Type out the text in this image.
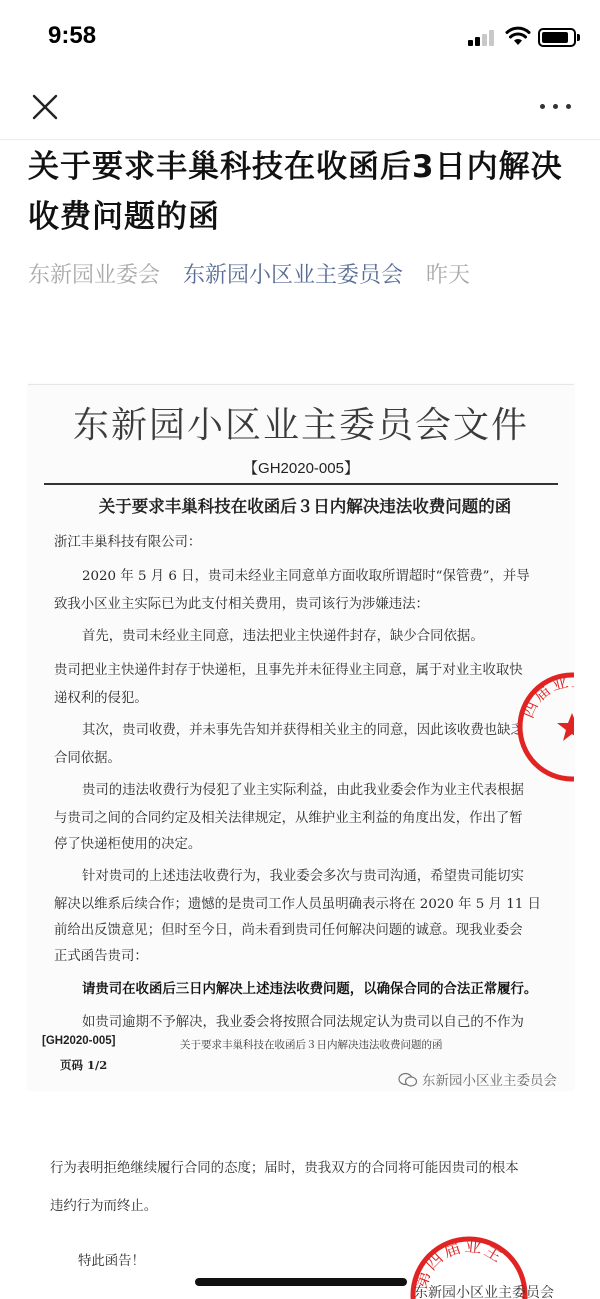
9:58
关于要求丰巢科技在收函后3日内解决收费问题的函
东新园业委会 东新园小区业主委员会 昨天
东新园小区业主委员会文件
【GH2020-005】
关于要求丰巢科技在收函后３日内解决违法收费问题的函

浙江丰巢科技有限公司：

2020 年 5 月 6 日，贵司未经业主同意单方面收取所谓超时“保管费”，并导

致我小区业主实际已为此支付相关费用，贵司该行为涉嫌违法：

首先，贵司未经业主同意，违法把业主快递件封存，缺少合同依据。

贵司把业主快递件封存于快递柜，且事先并未征得业主同意，属于对业主收取快

递权利的侵犯。

其次，贵司收费，并未事先告知并获得相关业主的同意，因此该收费也缺乏

合同依据。

贵司的违法收费行为侵犯了业主实际利益，由此我业委会作为业主代表根据

与贵司之间的合同约定及相关法律规定，从维护业主利益的角度出发，作出了暂

停了快递柜使用的决定。

针对贵司的上述违法收费行为，我业委会多次与贵司沟通，希望贵司能切实

解决以维系后续合作；遗憾的是贵司工作人员虽明确表示将在 2020 年 5 月 11 日

前给出反馈意见；但时至今日，尚未看到贵司任何解决问题的诚意。现我业委会

正式函告贵司：

请贵司在收函后三日内解决上述违法收费问题，以确保合同的合法正常履行。

如贵司逾期不予解决，我业委会将按照合同法规定认为贵司以自己的不作为

[GH2020-005]	关于要求丰巢科技在收函后３日内解决违法收费问题的函
页码 1/2
东新园小区业主委员会
四届业主

行为表明拒绝继续履行合同的态度；届时，贵我双方的合同将可能因贵司的根本

违约行为而终止。

特此函告！
第四届业主
东新园小区业主委员会
